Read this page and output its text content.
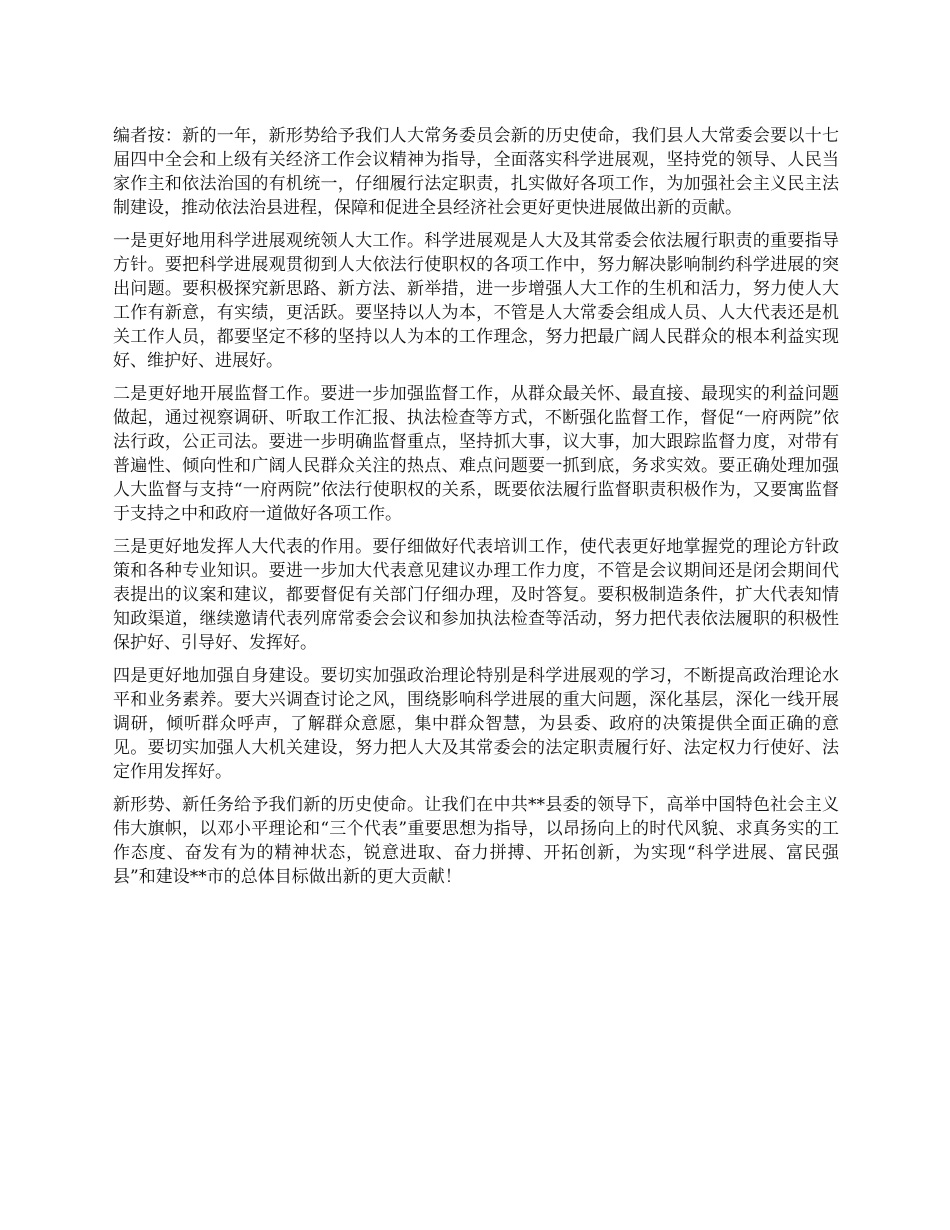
编者按：新的一年，新形势给予我们人大常务委员会新的历史使命，我们县人大常委会要以十七届四中全会和上级有关经济工作会议精神为指导，全面落实科学进展观，坚持党的领导、人民当家作主和依法治国的有机统一，仔细履行法定职责，扎实做好各项工作，为加强社会主义民主法制建设，推动依法治县进程，保障和促进全县经济社会更好更快进展做出新的贡献。

一是更好地用科学进展观统领人大工作。科学进展观是人大及其常委会依法履行职责的重要指导方针。要把科学进展观贯彻到人大依法行使职权的各项工作中，努力解决影响制约科学进展的突出问题。要积极探究新思路、新方法、新举措，进一步增强人大工作的生机和活力，努力使人大工作有新意，有实绩，更活跃。要坚持以人为本，不管是人大常委会组成人员、人大代表还是机关工作人员，都要坚定不移的坚持以人为本的工作理念，努力把最广阔人民群众的根本利益实现好、维护好、进展好。

二是更好地开展监督工作。要进一步加强监督工作，从群众最关怀、最直接、最现实的利益问题做起，通过视察调研、听取工作汇报、执法检查等方式，不断强化监督工作，督促“一府两院”依法行政，公正司法。要进一步明确监督重点，坚持抓大事，议大事，加大跟踪监督力度，对带有普遍性、倾向性和广阔人民群众关注的热点、难点问题要一抓到底，务求实效。要正确处理加强人大监督与支持“一府两院”依法行使职权的关系，既要依法履行监督职责积极作为，又要寓监督于支持之中和政府一道做好各项工作。

三是更好地发挥人大代表的作用。要仔细做好代表培训工作，使代表更好地掌握党的理论方针政策和各种专业知识。要进一步加大代表意见建议办理工作力度，不管是会议期间还是闭会期间代表提出的议案和建议，都要督促有关部门仔细办理，及时答复。要积极制造条件，扩大代表知情知政渠道，继续邀请代表列席常委会会议和参加执法检查等活动，努力把代表依法履职的积极性保护好、引导好、发挥好。

四是更好地加强自身建设。要切实加强政治理论特别是科学进展观的学习，不断提高政治理论水平和业务素养。要大兴调查讨论之风，围绕影响科学进展的重大问题，深化基层，深化一线开展调研，倾听群众呼声，了解群众意愿，集中群众智慧，为县委、政府的决策提供全面正确的意见。要切实加强人大机关建设，努力把人大及其常委会的法定职责履行好、法定权力行使好、法定作用发挥好。

新形势、新任务给予我们新的历史使命。让我们在中共**县委的领导下，高举中国特色社会主义伟大旗帜，以邓小平理论和“三个代表”重要思想为指导，以昂扬向上的时代风貌、求真务实的工作态度、奋发有为的精神状态，锐意进取、奋力拼搏、开拓创新，为实现“科学进展、富民强县”和建设**市的总体目标做出新的更大贡献！
